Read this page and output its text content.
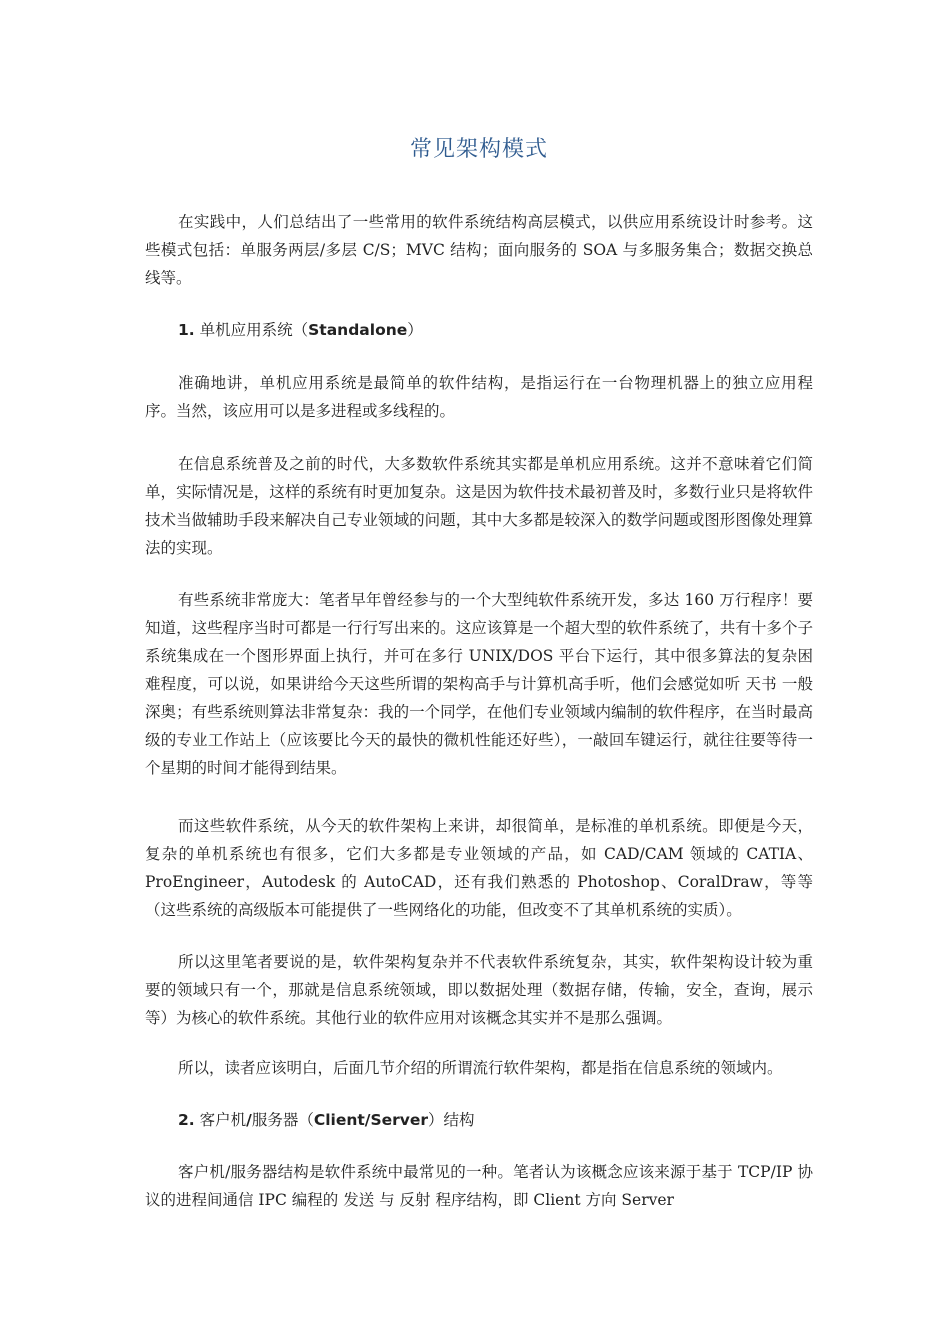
常见架构模式

在实践中，人们总结出了一些常用的软件系统结构高层模式，以供应用系统设计时参考。这些模式包括：单服务两层/多层 C/S；MVC 结构；面向服务的 SOA 与多服务集合；数据交换总线等。

1. 单机应用系统（Standalone）

准确地讲，单机应用系统是最简单的软件结构，是指运行在一台物理机器上的独立应用程序。当然，该应用可以是多进程或多线程的。

在信息系统普及之前的时代，大多数软件系统其实都是单机应用系统。这并不意味着它们简单，实际情况是，这样的系统有时更加复杂。这是因为软件技术最初普及时，多数行业只是将软件技术当做辅助手段来解决自己专业领域的问题，其中大多都是较深入的数学问题或图形图像处理算法的实现。

有些系统非常庞大：笔者早年曾经参与的一个大型纯软件系统开发，多达 160 万行程序！要知道，这些程序当时可都是一行行写出来的。这应该算是一个超大型的软件系统了，共有十多个子系统集成在一个图形界面上执行，并可在多行 UNIX/DOS 平台下运行，其中很多算法的复杂困难程度，可以说，如果讲给今天这些所谓的架构高手与计算机高手听，他们会感觉如听 天书 一般深奥；有些系统则算法非常复杂：我的一个同学，在他们专业领域内编制的软件程序，在当时最高级的专业工作站上（应该要比今天的最快的微机性能还好些），一敲回车键运行，就往往要等待一个星期的时间才能得到结果。

而这些软件系统，从今天的软件架构上来讲，却很简单，是标准的单机系统。即便是今天，复杂的单机系统也有很多，它们大多都是专业领域的产品，如 CAD/CAM 领域的 CATIA、ProEngineer，Autodesk 的 AutoCAD，还有我们熟悉的 Photoshop、CoralDraw，等等（这些系统的高级版本可能提供了一些网络化的功能，但改变不了其单机系统的实质）。

所以这里笔者要说的是，软件架构复杂并不代表软件系统复杂，其实，软件架构设计较为重要的领域只有一个，那就是信息系统领域，即以数据处理（数据存储，传输，安全，查询，展示等）为核心的软件系统。其他行业的软件应用对该概念其实并不是那么强调。

所以，读者应该明白，后面几节介绍的所谓流行软件架构，都是指在信息系统的领域内。

2. 客户机/服务器（Client/Server）结构

客户机/服务器结构是软件系统中最常见的一种。笔者认为该概念应该来源于基于 TCP/IP 协议的进程间通信 IPC 编程的 发送 与 反射 程序结构，即 Client 方向 Server
